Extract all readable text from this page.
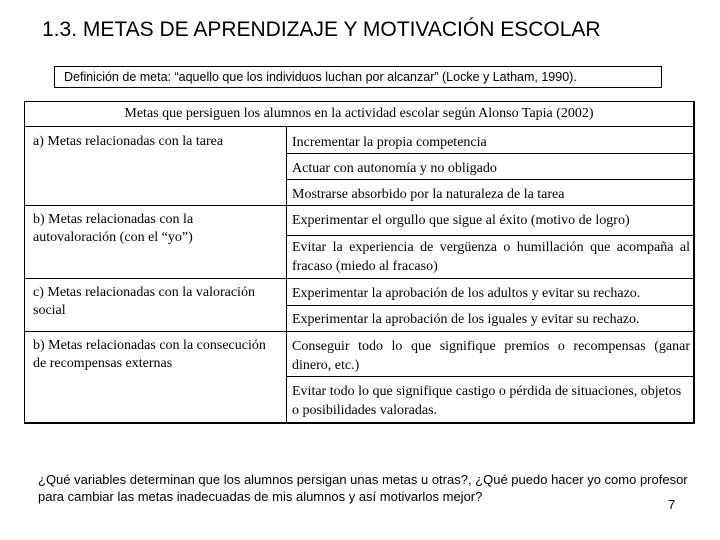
1.3. METAS DE APRENDIZAJE Y MOTIVACIÓN ESCOLAR
Definición de meta: “aquello que los individuos luchan por alcanzar” (Locke y Latham, 1990).
Metas que persiguen los alumnos en la actividad escolar según Alonso Tapia (2002)
a) Metas relacionadas con la tarea	Incrementar la propia competencia
Actuar con autonomía y no obligado
Mostrarse absorbido por la naturaleza de la tarea
b) Metas relacionadas con la autovaloración (con el “yo”)
Experimentar el orgullo que sigue al éxito (motivo de logro)
Evitar la experiencia de vergüenza o humillación que acompaña al fracaso (miedo al fracaso)
c) Metas relacionadas con la valoración social
Experimentar la aprobación de los adultos y evitar su rechazo.
Experimentar la aprobación de los iguales y evitar su rechazo.
b) Metas relacionadas con la consecución de recompensas externas
Conseguir todo lo que signifique premios o recompensas (ganar dinero, etc.)
Evitar todo lo que signifique castigo o pérdida de situaciones, objetos o posibilidades valoradas.
¿Qué variables determinan que los alumnos persigan unas metas u otras?, ¿Qué puedo hacer yo como profesor para cambiar las metas inadecuadas de mis alumnos y así motivarlos mejor?
7
